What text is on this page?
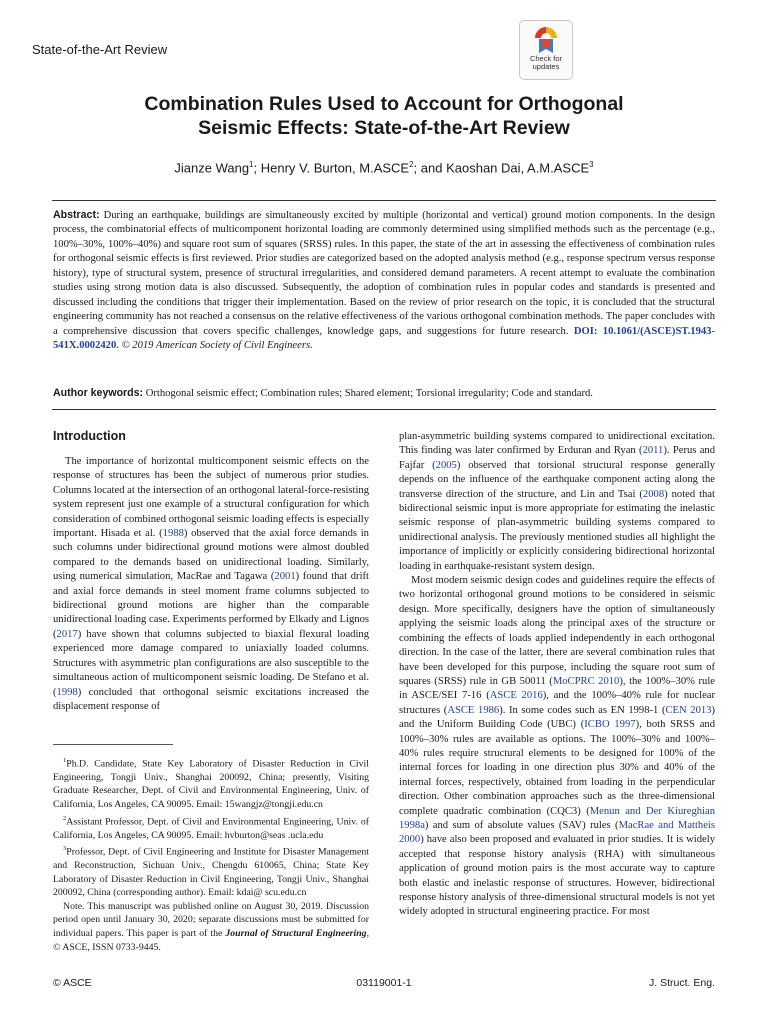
State-of-the-Art Review
Check for
updates
Combination Rules Used to Account for Orthogonal
Seismic Effects: State-of-the-Art Review
Jianze Wang$^1$; Henry V. Burton, M.ASCE$^2$; and Kaoshan Dai, A.M.ASCE$^3$
Abstract: During an earthquake, buildings are simultaneously excited by multiple (horizontal and vertical) ground motion components. In the design process, the combinatorial effects of multicomponent horizontal loading are commonly determined using simplified methods such as the percentage (e.g., 100%–30%, 100%–40%) and square root sum of squares (SRSS) rules. In this paper, the state of the art in assessing the effectiveness of combination rules for orthogonal seismic effects is first reviewed. Prior studies are categorized based on the adopted analysis method (e.g., response spectrum versus response history), type of structural system, presence of structural irregularities, and considered demand parameters. A recent attempt to evaluate the combination studies using strong motion data is also discussed. Subsequently, the adoption of combination rules in popular codes and standards is presented and discussed including the conditions that trigger their implementation. Based on the review of prior research on the topic, it is concluded that the structural engineering community has not reached a consensus on the relative effectiveness of the various orthogonal combination methods. The paper concludes with a comprehensive discussion that covers specific challenges, knowledge gaps, and suggestions for future research. DOI: 10.1061/(ASCE)ST.1943-541X.0002420. © 2019 American Society of Civil Engineers.
Author keywords: Orthogonal seismic effect; Combination rules; Shared element; Torsional irregularity; Code and standard.
Introduction

The importance of horizontal multicomponent seismic effects on the response of structures has been the subject of numerous prior studies. Columns located at the intersection of an orthogonal lateral-force-resisting system represent just one example of a structural configuration for which consideration of combined orthogonal seismic loading effects is especially important. Hisada et al. (1988) observed that the axial force demands in such columns under bidirectional ground motions were almost doubled compared to the demands based on unidirectional loading. Similarly, using numerical simulation, MacRae and Tagawa (2001) found that drift and axial force demands in steel moment frame columns subjected to bidirectional ground motions are higher than the comparable unidirectional loading case. Experiments performed by Elkady and Lignos (2017) have shown that columns subjected to biaxial flexural loading experienced more damage compared to uniaxially loaded columns. Structures with asymmetric plan configurations are also susceptible to the simultaneous action of multicomponent seismic loading. De Stefano et al. (1998) concluded that orthogonal seismic excitations increased the displacement response of

$^1$Ph.D. Candidate, State Key Laboratory of Disaster Reduction in Civil Engineering, Tongji Univ., Shanghai 200092, China; presently, Visiting Graduate Researcher, Dept. of Civil and Environmental Engineering, Univ. of California, Los Angeles, CA 90095. Email: 15wangjz@tongji.edu.cn

$^2$Assistant Professor, Dept. of Civil and Environmental Engineering, Univ. of California, Los Angeles, CA 90095. Email: hvburton@seas .ucla.edu

$^3$Professor, Dept. of Civil Engineering and Institute for Disaster Management and Reconstruction, Sichuan Univ., Chengdu 610065, China; State Key Laboratory of Disaster Reduction in Civil Engineering, Tongji Univ., Shanghai 200092, China (corresponding author). Email: kdai@ scu.edu.cn

Note. This manuscript was published online on August 30, 2019. Discussion period open until January 30, 2020; separate discussions must be submitted for individual papers. This paper is part of the Journal of Structural Engineering, © ASCE, ISSN 0733-9445.

plan-asymmetric building systems compared to unidirectional excitation. This finding was later confirmed by Erduran and Ryan (2011). Perus and Fajfar (2005) observed that torsional structural response generally depends on the influence of the earthquake component acting along the transverse direction of the structure, and Lin and Tsai (2008) noted that bidirectional seismic input is more appropriate for estimating the inelastic seismic response of plan-asymmetric building systems compared to unidirectional analysis. The previously mentioned studies all highlight the importance of implicitly or explicitly considering bidirectional horizontal loading in earthquake-resistant system design.

Most modern seismic design codes and guidelines require the effects of two horizontal orthogonal ground motions to be considered in seismic design. More specifically, designers have the option of simultaneously applying the seismic loads along the principal axes of the structure or combining the effects of loads applied independently in each orthogonal direction. In the case of the latter, there are several combination rules that have been developed for this purpose, including the square root sum of squares (SRSS) rule in GB 50011 (MoCPRC 2010), the 100%–30% rule in ASCE/SEI 7-16 (ASCE 2016), and the 100%–40% rule for nuclear structures (ASCE 1986). In some codes such as EN 1998-1 (CEN 2013) and the Uniform Building Code (UBC) (ICBO 1997), both SRSS and 100%–30% rules are available as options. The 100%–30% and 100%–40% rules require structural elements to be designed for 100% of the internal forces for loading in one direction plus 30% and 40% of the internal forces, respectively, obtained from loading in the perpendicular direction. Other combination approaches such as the three-dimensional complete quadratic combination (CQC3) (Menun and Der Kiureghian 1998a) and sum of absolute values (SAV) rules (MacRae and Mattheis 2000) have also been proposed and evaluated in prior studies. It is widely accepted that response history analysis (RHA) with simultaneous application of ground motion pairs is the most accurate way to capture both elastic and inelastic response of structures. However, bidirectional response history analysis of three-dimensional structural models is not yet widely adopted in structural engineering practice. For most

© ASCE	03119001-1	J. Struct. Eng.
